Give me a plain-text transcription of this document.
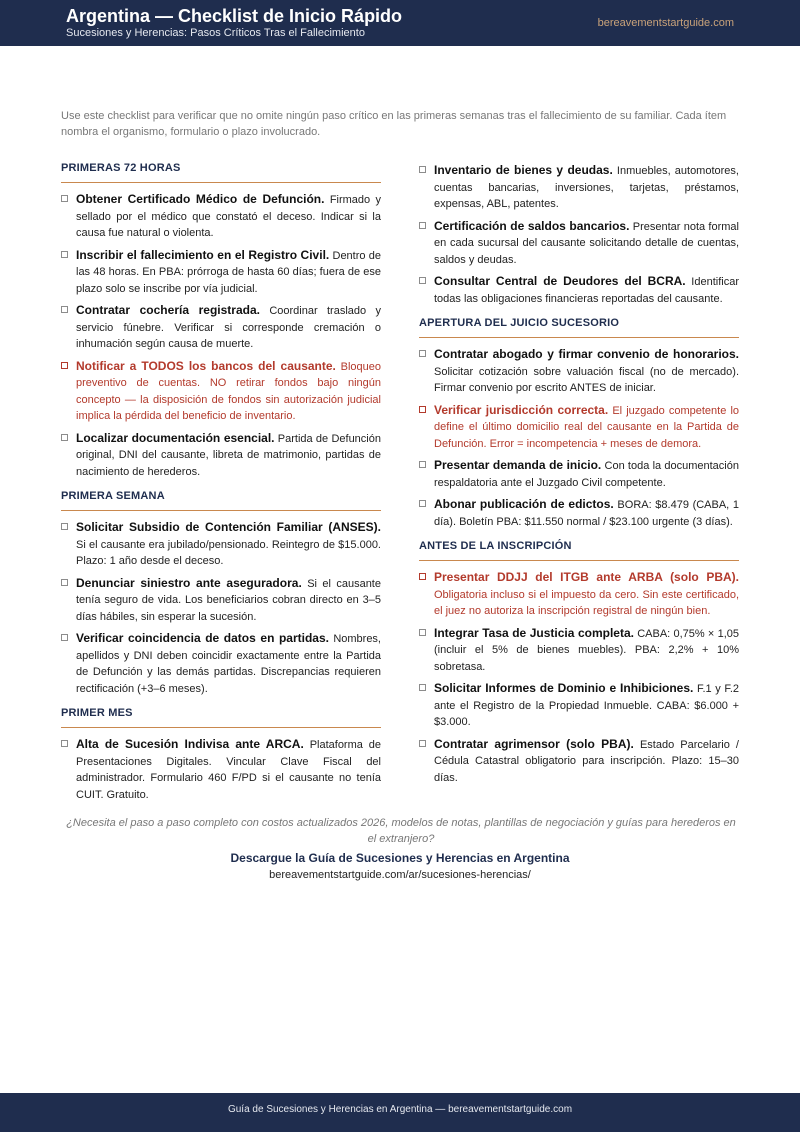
Argentina — Checklist de Inicio Rápido
Sucesiones y Herencias: Pasos Críticos Tras el Fallecimiento
bereavementstartguide.com
Use este checklist para verificar que no omite ningún paso crítico en las primeras semanas tras el fallecimiento de su familiar. Cada ítem nombra el organismo, formulario o plazo involucrado.
PRIMERAS 72 HORAS
Obtener Certificado Médico de Defunción. Firmado y sellado por el médico que constató el deceso. Indicar si la causa fue natural o violenta.
Inscribir el fallecimiento en el Registro Civil. Dentro de las 48 horas. En PBA: prórroga de hasta 60 días; fuera de ese plazo solo se inscribe por vía judicial.
Contratar cochería registrada. Coordinar traslado y servicio fúnebre. Verificar si corresponde cremación o inhumación según causa de muerte.
Notificar a TODOS los bancos del causante. Bloqueo preventivo de cuentas. NO retirar fondos bajo ningún concepto — la disposición de fondos sin autorización judicial implica la pérdida del beneficio de inventario.
Localizar documentación esencial. Partida de Defunción original, DNI del causante, libreta de matrimonio, partidas de nacimiento de herederos.
PRIMERA SEMANA
Solicitar Subsidio de Contención Familiar (ANSES). Si el causante era jubilado/pensionado. Reintegro de $15.000. Plazo: 1 año desde el deceso.
Denunciar siniestro ante aseguradora. Si el causante tenía seguro de vida. Los beneficiarios cobran directo en 3–5 días hábiles, sin esperar la sucesión.
Verificar coincidencia de datos en partidas. Nombres, apellidos y DNI deben coincidir exactamente entre la Partida de Defunción y las demás partidas. Discrepancias requieren rectificación (+3–6 meses).
PRIMER MES
Alta de Sucesión Indivisa ante ARCA. Plataforma de Presentaciones Digitales. Vincular Clave Fiscal del administrador. Formulario 460 F/PD si el causante no tenía CUIT. Gratuito.
Inventario de bienes y deudas. Inmuebles, automotores, cuentas bancarias, inversiones, tarjetas, préstamos, expensas, ABL, patentes.
Certificación de saldos bancarios. Presentar nota formal en cada sucursal del causante solicitando detalle de cuentas, saldos y deudas.
Consultar Central de Deudores del BCRA. Identificar todas las obligaciones financieras reportadas del causante.
APERTURA DEL JUICIO SUCESORIO
Contratar abogado y firmar convenio de honorarios. Solicitar cotización sobre valuación fiscal (no de mercado). Firmar convenio por escrito ANTES de iniciar.
Verificar jurisdicción correcta. El juzgado competente lo define el último domicilio real del causante en la Partida de Defunción. Error = incompetencia + meses de demora.
Presentar demanda de inicio. Con toda la documentación respaldatoria ante el Juzgado Civil competente.
Abonar publicación de edictos. BORA: $8.479 (CABA, 1 día). Boletín PBA: $11.550 normal / $23.100 urgente (3 días).
ANTES DE LA INSCRIPCIÓN
Presentar DDJJ del ITGB ante ARBA (solo PBA). Obligatoria incluso si el impuesto da cero. Sin este certificado, el juez no autoriza la inscripción registral de ningún bien.
Integrar Tasa de Justicia completa. CABA: 0,75% × 1,05 (incluir el 5% de bienes muebles). PBA: 2,2% + 10% sobretasa.
Solicitar Informes de Dominio e Inhibiciones. F.1 y F.2 ante el Registro de la Propiedad Inmueble. CABA: $6.000 + $3.000.
Contratar agrimensor (solo PBA). Estado Parcelario / Cédula Catastral obligatorio para inscripción. Plazo: 15–30 días.
¿Necesita el paso a paso completo con costos actualizados 2026, modelos de notas, plantillas de negociación y guías para herederos en el extranjero?
Descargue la Guía de Sucesiones y Herencias en Argentina
bereavementstartguide.com/ar/sucesiones-herencias/
Guía de Sucesiones y Herencias en Argentina — bereavementstartguide.com
